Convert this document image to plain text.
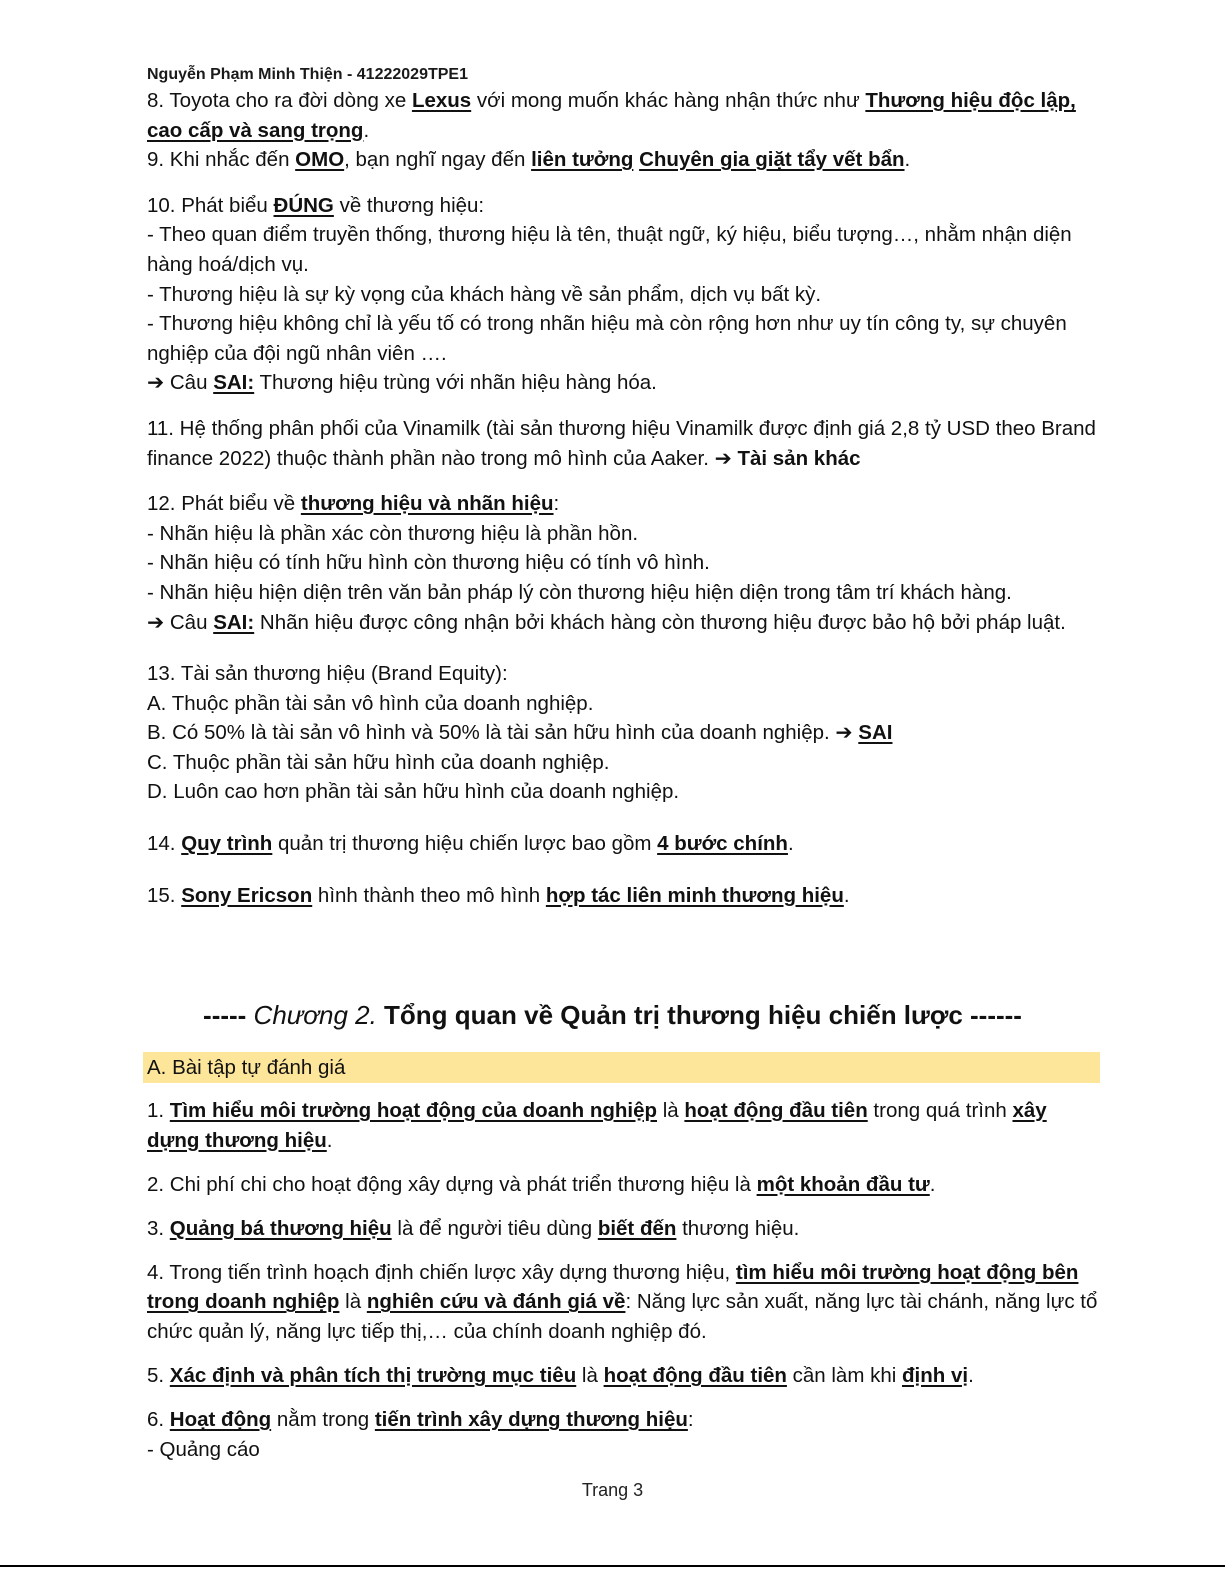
Nguyễn Phạm Minh Thiện - 41222029TPE1

8. Toyota cho ra đời dòng xe Lexus với mong muốn khác hàng nhận thức như Thương hiệu độc lập, cao cấp và sang trọng.

9. Khi nhắc đến OMO, bạn nghĩ ngay đến liên tưởng Chuyên gia giặt tẩy vết bẩn.

10. Phát biểu ĐÚNG về thương hiệu:

- Theo quan điểm truyền thống, thương hiệu là tên, thuật ngữ, ký hiệu, biểu tượng…, nhằm nhận diện hàng hoá/dịch vụ.

- Thương hiệu là sự kỳ vọng của khách hàng về sản phẩm, dịch vụ bất kỳ.

- Thương hiệu không chỉ là yếu tố có trong nhãn hiệu mà còn rộng hơn như uy tín công ty, sự chuyên nghiệp của đội ngũ nhân viên ….

➔ Câu SAI: Thương hiệu trùng với nhãn hiệu hàng hóa.

11. Hệ thống phân phối của Vinamilk (tài sản thương hiệu Vinamilk được định giá 2,8 tỷ USD theo Brand finance 2022) thuộc thành phần nào trong mô hình của Aaker. ➔ Tài sản khác

12. Phát biểu về thương hiệu và nhãn hiệu:

- Nhãn hiệu là phần xác còn thương hiệu là phần hồn.

- Nhãn hiệu có tính hữu hình còn thương hiệu có tính vô hình.

- Nhãn hiệu hiện diện trên văn bản pháp lý còn thương hiệu hiện diện trong tâm trí khách hàng.

➔ Câu SAI: Nhãn hiệu được công nhận bởi khách hàng còn thương hiệu được bảo hộ bởi pháp luật.

13. Tài sản thương hiệu (Brand Equity):

A. Thuộc phần tài sản vô hình của doanh nghiệp.

B. Có 50% là tài sản vô hình và 50% là tài sản hữu hình của doanh nghiệp. ➔ SAI

C. Thuộc phần tài sản hữu hình của doanh nghiệp.

D. Luôn cao hơn phần tài sản hữu hình của doanh nghiệp.

14. Quy trình quản trị thương hiệu chiến lược bao gồm 4 bước chính.

15. Sony Ericson hình thành theo mô hình hợp tác liên minh thương hiệu.

----- Chương 2. Tổng quan về Quản trị thương hiệu chiến lược ------
A. Bài tập tự đánh giá

1. Tìm hiểu môi trường hoạt động của doanh nghiệp là hoạt động đầu tiên trong quá trình xây dựng thương hiệu.

2. Chi phí chi cho hoạt động xây dựng và phát triển thương hiệu là một khoản đầu tư.

3. Quảng bá thương hiệu là để người tiêu dùng biết đến thương hiệu.

4. Trong tiến trình hoạch định chiến lược xây dựng thương hiệu, tìm hiểu môi trường hoạt động bên trong doanh nghiệp là nghiên cứu và đánh giá về: Năng lực sản xuất, năng lực tài chánh, năng lực tổ chức quản lý, năng lực tiếp thị,… của chính doanh nghiệp đó.

5. Xác định và phân tích thị trường mục tiêu là hoạt động đầu tiên cần làm khi định vị.

6. Hoạt động nằm trong tiến trình xây dựng thương hiệu:

- Quảng cáo

Trang 3
